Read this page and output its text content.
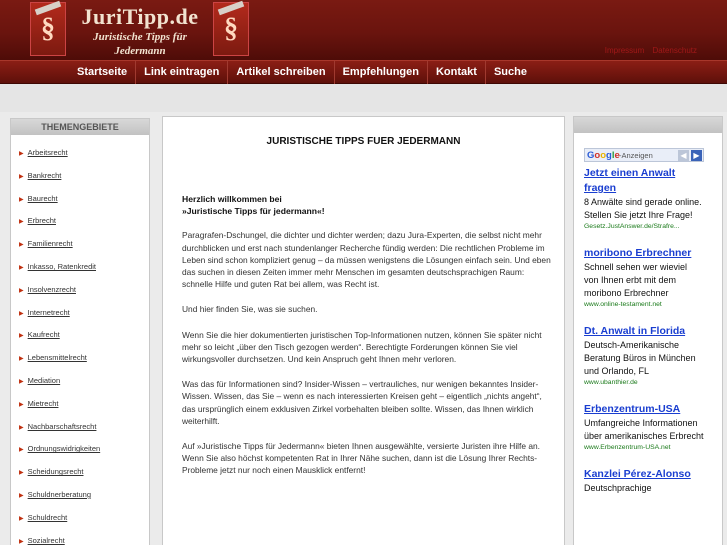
§	JuriTipp.de
Juristische Tipps für Jedermann
§
Impressum Datenschutz
Startseite	Link eintragen	Artikel schreiben	Empfehlungen	Kontakt	Suche
THEMENGEBIETE
▶ Arbeitsrecht
▶ Bankrecht
▶ Baurecht
▶ Erbrecht
▶ Familienrecht
▶ Inkasso, Ratenkredit
▶ Insolvenzrecht
▶ Internetrecht
▶ Kaufrecht
▶ Lebensmittelrecht
▶ Mediation
▶ Mietrecht
▶ Nachbarschaftsrecht
▶ Ordnungswidrigkeiten
▶ Scheidungsrecht
▶ Schuldnerberatung
▶ Schuldrecht
▶ Sozialrecht
JURISTISCHE TIPPS FUER JEDERMANN
Herzlich willkommen bei
»Juristische Tipps für jedermann«!

Paragrafen-Dschungel, die dichter und dichter werden; dazu Jura-Experten, die selbst nicht mehr durchblicken und erst nach stundenlanger Recherche fündig werden: Die rechtlichen Probleme im Leben sind schon kompliziert genug – da müssen wenigstens die Lösungen einfach sein. Und eben das suchen in diesen Zeiten immer mehr Menschen im gesamten deutschsprachigen Raum: schnelle Hilfe und guten Rat bei allem, was Recht ist.

Und hier finden Sie, was sie suchen.

Wenn Sie die hier dokumentierten juristischen Top-Informationen nutzen, können Sie später nicht mehr so leicht „über den Tisch gezogen werden“. Berechtigte Forderungen können Sie viel wirkungsvoller durchsetzen. Und kein Anspruch geht Ihnen mehr verloren.

Was das für Informationen sind? Insider-Wissen – vertrauliches, nur wenigen bekanntes Insider-Wissen. Wissen, das Sie – wenn es nach interessierten Kreisen geht – eigentlich „nichts angeht“, das ursprünglich einem exklusiven Zirkel vorbehalten bleiben sollte. Wissen, das Ihnen wirklich weiterhilft.

Auf »Juristische Tipps für Jedermann« bieten Ihnen ausgewählte, versierte Juristen ihre Hilfe an. Wenn Sie also höchst kompetenten Rat in Ihrer Nähe suchen, dann ist die Lösung Ihrer Rechts-Probleme jetzt nur noch einen Mausklick entfernt!

Google -Anzeigen	◀ ▶
Jetzt einen Anwalt fragen
8 Anwälte sind gerade online. Stellen Sie jetzt Ihre Frage!
Gesetz.JustAnswer.de/Strafre...
moribono Erbrechner
Schnell sehen wer wieviel von Ihnen erbt mit dem moribono Erbrechner
www.online-testament.net
Dt. Anwalt in Florida
Deutsch-Amerikanische Beratung Büros in München und Orlando, FL
www.ubanthier.de
Erbenzentrum-USA
Umfangreiche Informationen über amerikanisches Erbrecht
www.Erbenzentrum-USA.net
Kanzlei Pérez-Alonso
Deutschprachige
